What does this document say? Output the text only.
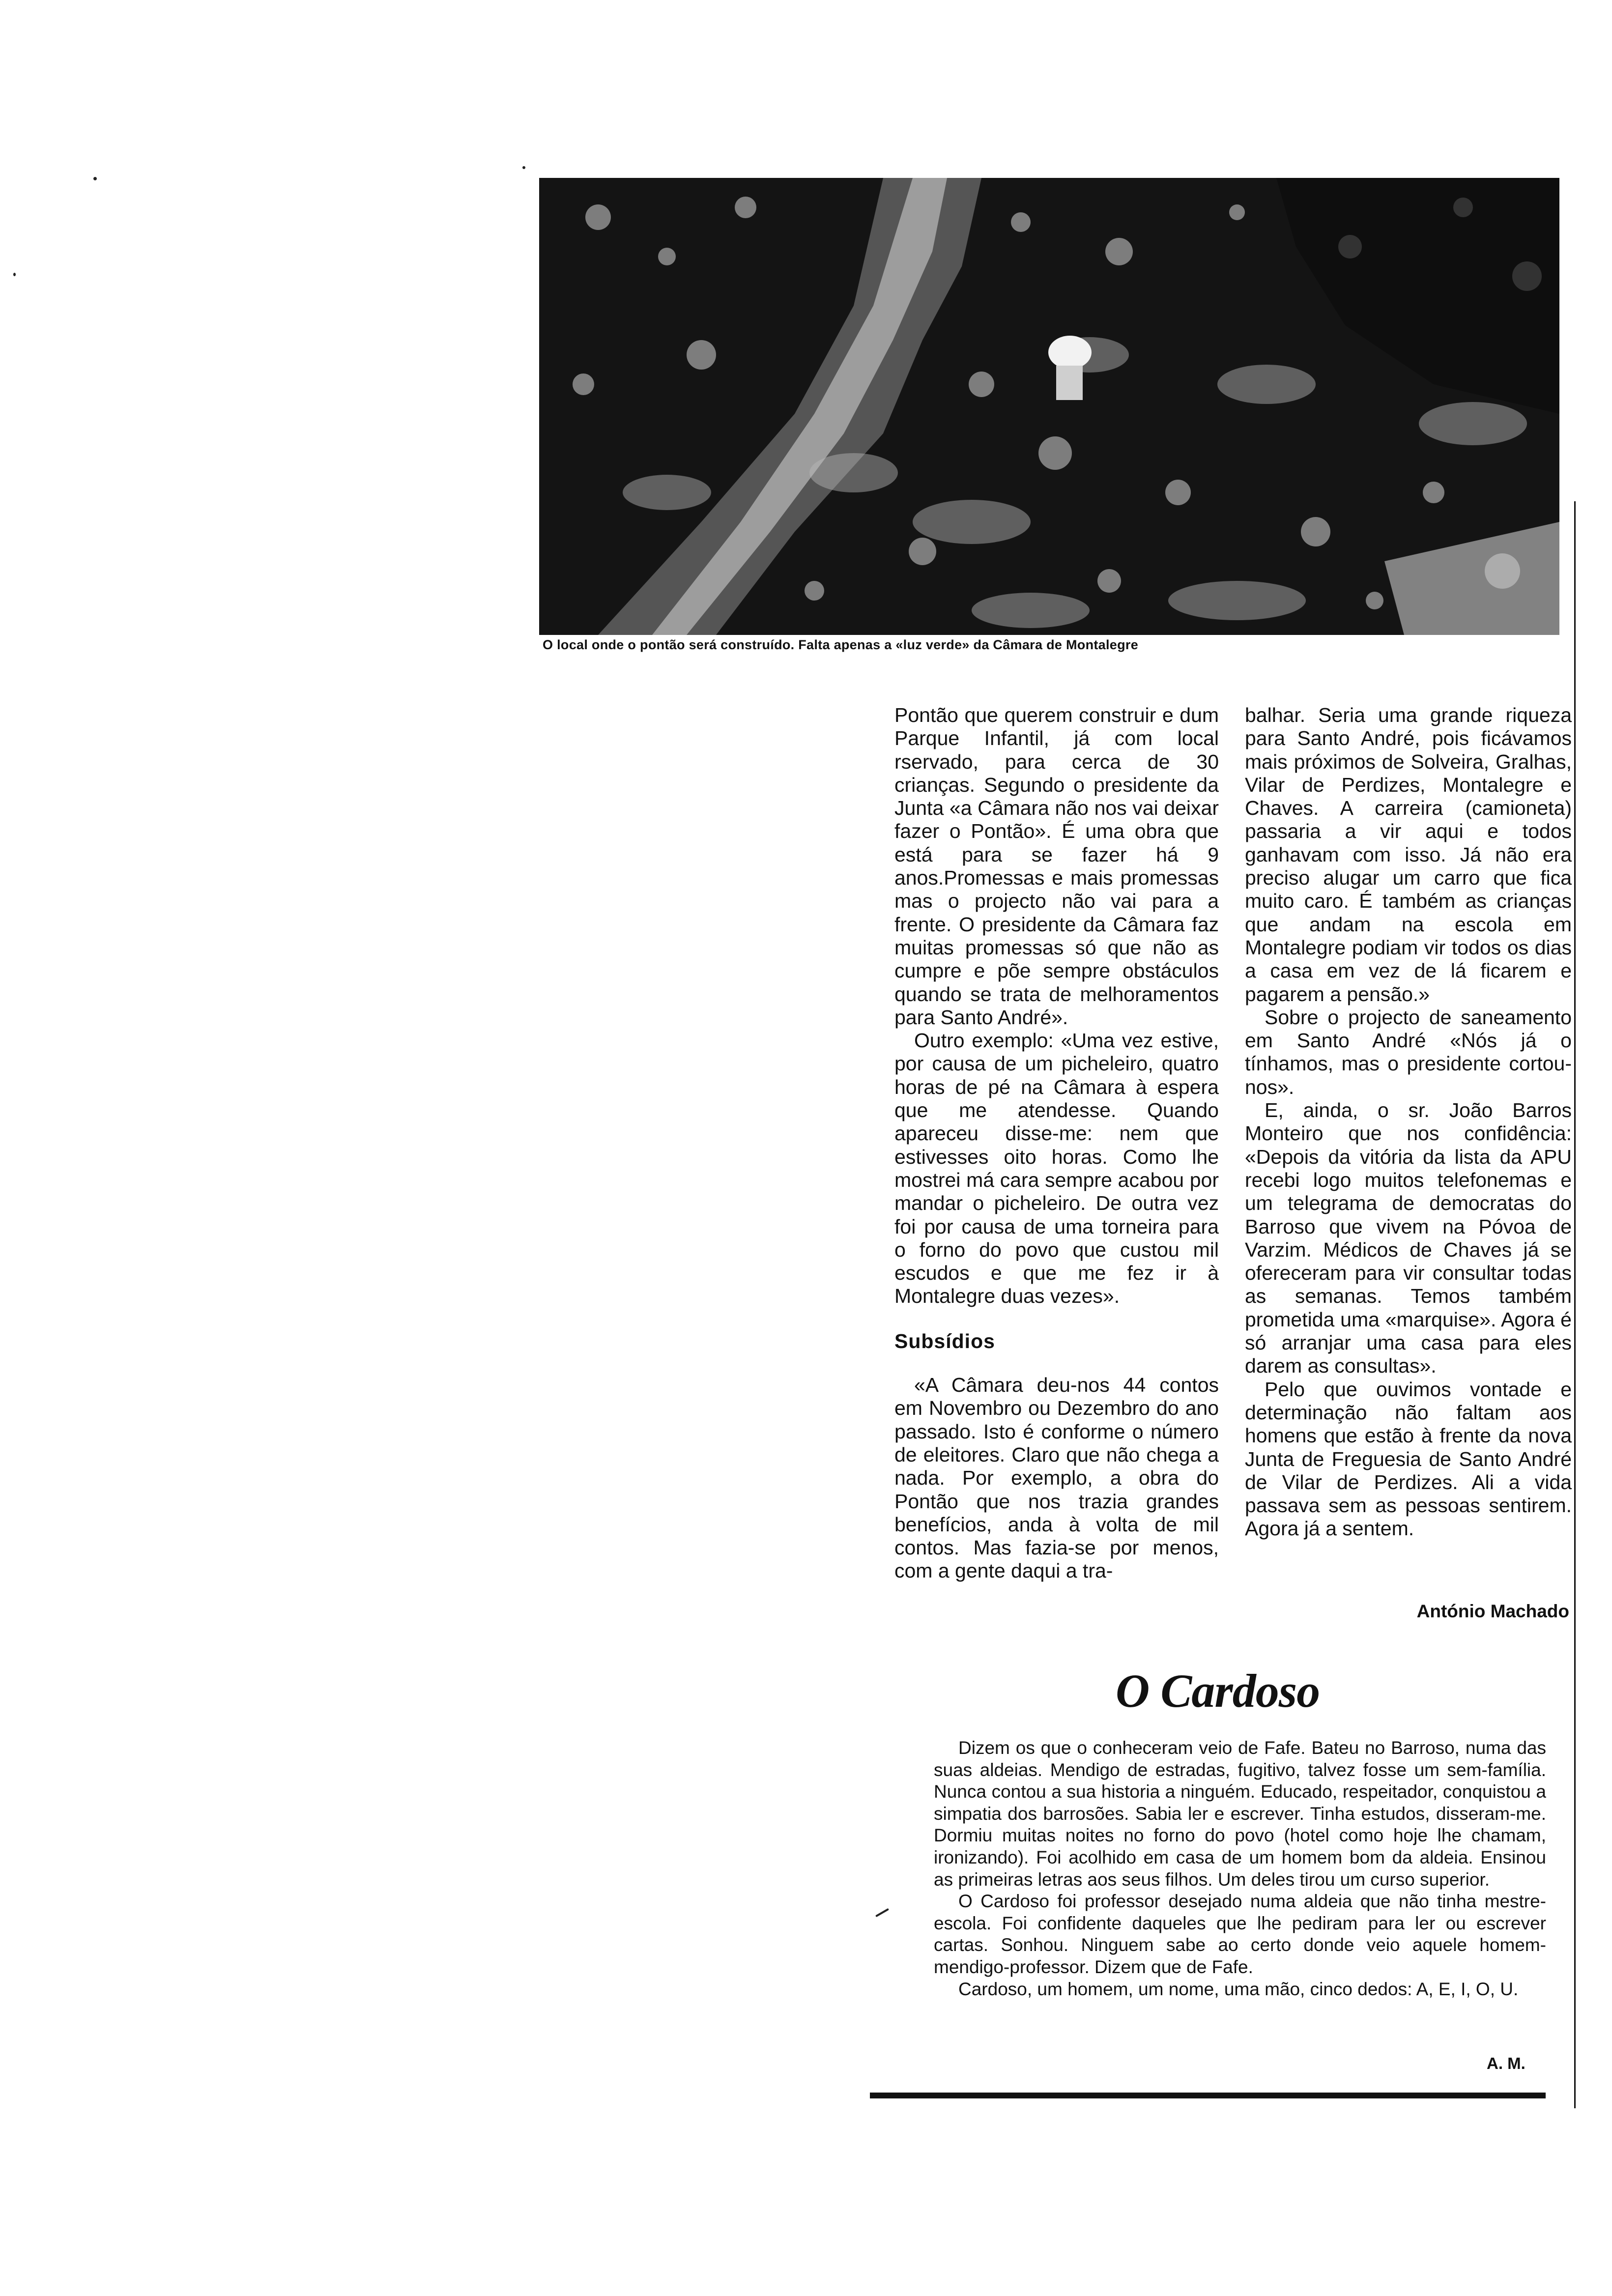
O local onde o pontão será construído. Falta apenas a «luz verde» da Câmara de Montalegre

Pontão que querem construir e dum Parque Infantil, já com local rservado, para cerca de 30 crianças. Segundo o presidente da Junta «a Câmara não nos vai deixar fazer o Pontão». É uma obra que está para se fazer há 9 anos.Promessas e mais promessas mas o projecto não vai para a frente. O presidente da Câmara faz muitas promessas só que não as cumpre e põe sempre obstáculos quando se trata de melhoramentos para Santo André».

Outro exemplo: «Uma vez estive, por causa de um picheleiro, quatro horas de pé na Câmara à espera que me atendesse. Quando apareceu disse-me: nem que estivesses oito horas. Como lhe mostrei má cara sempre acabou por mandar o picheleiro. De outra vez foi por causa de uma torneira para o forno do povo que custou mil escudos e que me fez ir à Montalegre duas vezes».

Subsídios

«A Câmara deu-nos 44 contos em Novembro ou Dezembro do ano passado. Isto é conforme o número de eleitores. Claro que não chega a nada. Por exemplo, a obra do Pontão que nos trazia grandes benefícios, anda à volta de mil contos. Mas fazia-se por menos, com a gente daqui a tra-

balhar. Seria uma grande riqueza para Santo André, pois ficávamos mais próximos de Solveira, Gralhas, Vilar de Perdizes, Montalegre e Chaves. A carreira (camioneta) passaria a vir aqui e todos ganhavam com isso. Já não era preciso alugar um carro que fica muito caro. É também as crianças que andam na escola em Montalegre podiam vir todos os dias a casa em vez de lá ficarem e pagarem a pensão.»

Sobre o projecto de saneamento em Santo André «Nós já o tínhamos, mas o presidente cortou-nos».

E, ainda, o sr. João Barros Monteiro que nos confidência: «Depois da vitória da lista da APU recebi logo muitos telefonemas e um telegrama de democratas do Barroso que vivem na Póvoa de Varzim. Médicos de Chaves já se ofereceram para vir consultar todas as semanas. Temos também prometida uma «marquise». Agora é só arranjar uma casa para eles darem as consultas».

Pelo que ouvimos vontade e determinação não faltam aos homens que estão à frente da nova Junta de Freguesia de Santo André de Vilar de Perdizes. Ali a vida passava sem as pessoas sentirem. Agora já a sentem.

António Machado
O Cardoso

Dizem os que o conheceram veio de Fafe. Bateu no Barroso, numa das suas aldeias. Mendigo de estradas, fugitivo, talvez fosse um sem-família. Nunca contou a sua historia a ninguém. Educado, respeitador, conquistou a simpatia dos barrosões. Sabia ler e escrever. Tinha estudos, disseram-me. Dormiu muitas noites no forno do povo (hotel como hoje lhe chamam, ironizando). Foi acolhido em casa de um homem bom da aldeia. Ensinou as primeiras letras aos seus filhos. Um deles tirou um curso superior.

O Cardoso foi professor desejado numa aldeia que não tinha mestre-escola. Foi confidente daqueles que lhe pediram para ler ou escrever cartas. Sonhou. Ninguem sabe ao certo donde veio aquele homem-mendigo-professor. Dizem que de Fafe.

Cardoso, um homem, um nome, uma mão, cinco dedos: A, E, I, O, U.

A. M.
